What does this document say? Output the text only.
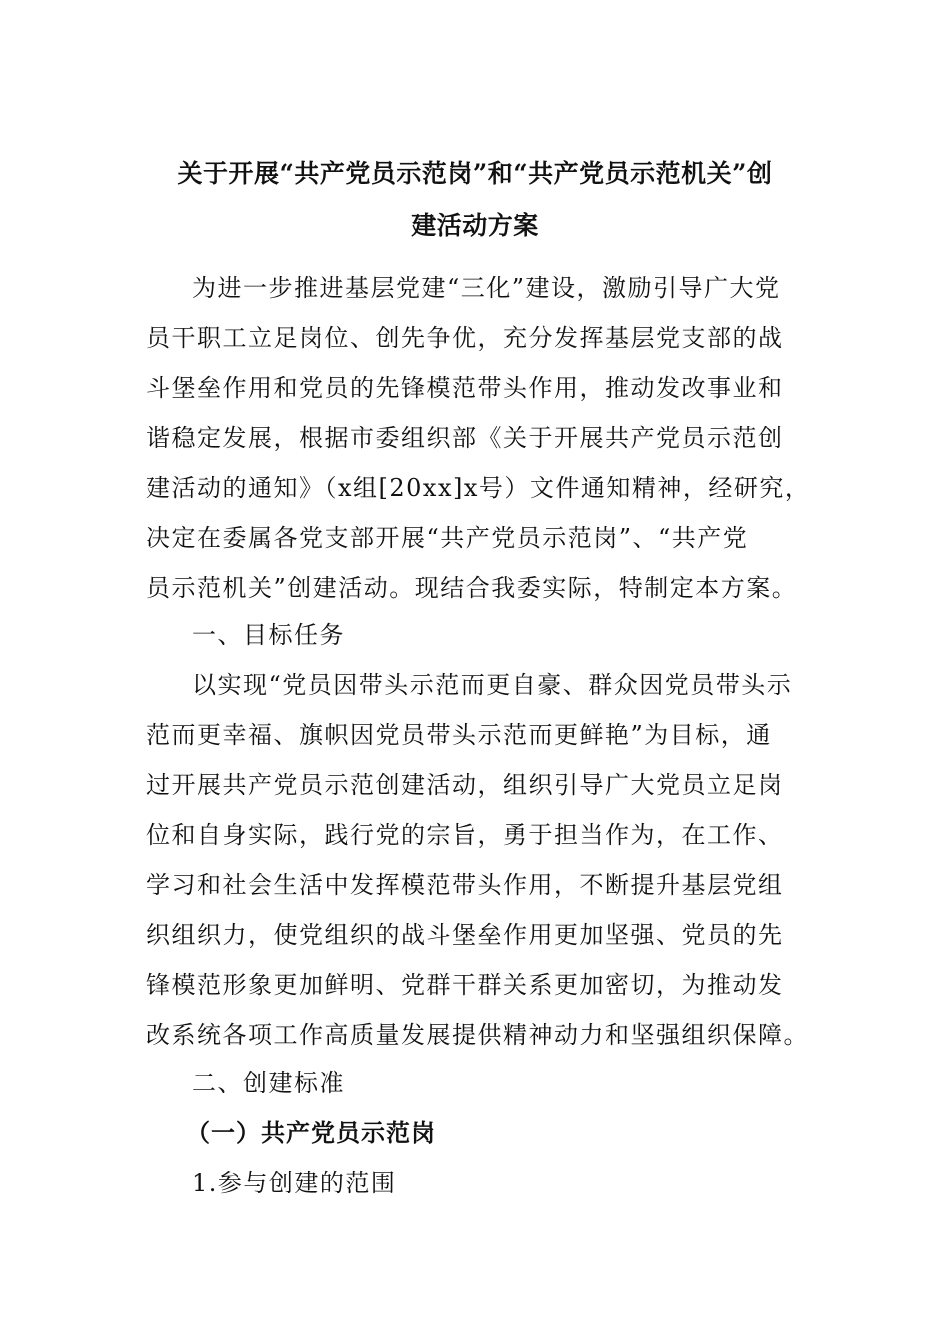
关于开展“共产党员示范岗”和“共产党员示范机关”创
建活动方案
为进一步推进基层党建“三化”建设，激励引导广大党
员干职工立足岗位、创先争优，充分发挥基层党支部的战
斗堡垒作用和党员的先锋模范带头作用，推动发改事业和
谐稳定发展，根据市委组织部《关于开展共产党员示范创
建活动的通知》（x组[20xx]x号）文件通知精神，经研究，
决定在委属各党支部开展“共产党员示范岗”、“共产党
员示范机关”创建活动。现结合我委实际，特制定本方案。
一、目标任务
以实现“党员因带头示范而更自豪、群众因党员带头示
范而更幸福、旗帜因党员带头示范而更鲜艳”为目标，通
过开展共产党员示范创建活动，组织引导广大党员立足岗
位和自身实际，践行党的宗旨，勇于担当作为，在工作、
学习和社会生活中发挥模范带头作用，不断提升基层党组
织组织力，使党组织的战斗堡垒作用更加坚强、党员的先
锋模范形象更加鲜明、党群干群关系更加密切，为推动发
改系统各项工作高质量发展提供精神动力和坚强组织保障。
二、创建标准
（一）共产党员示范岗
1.参与创建的范围
